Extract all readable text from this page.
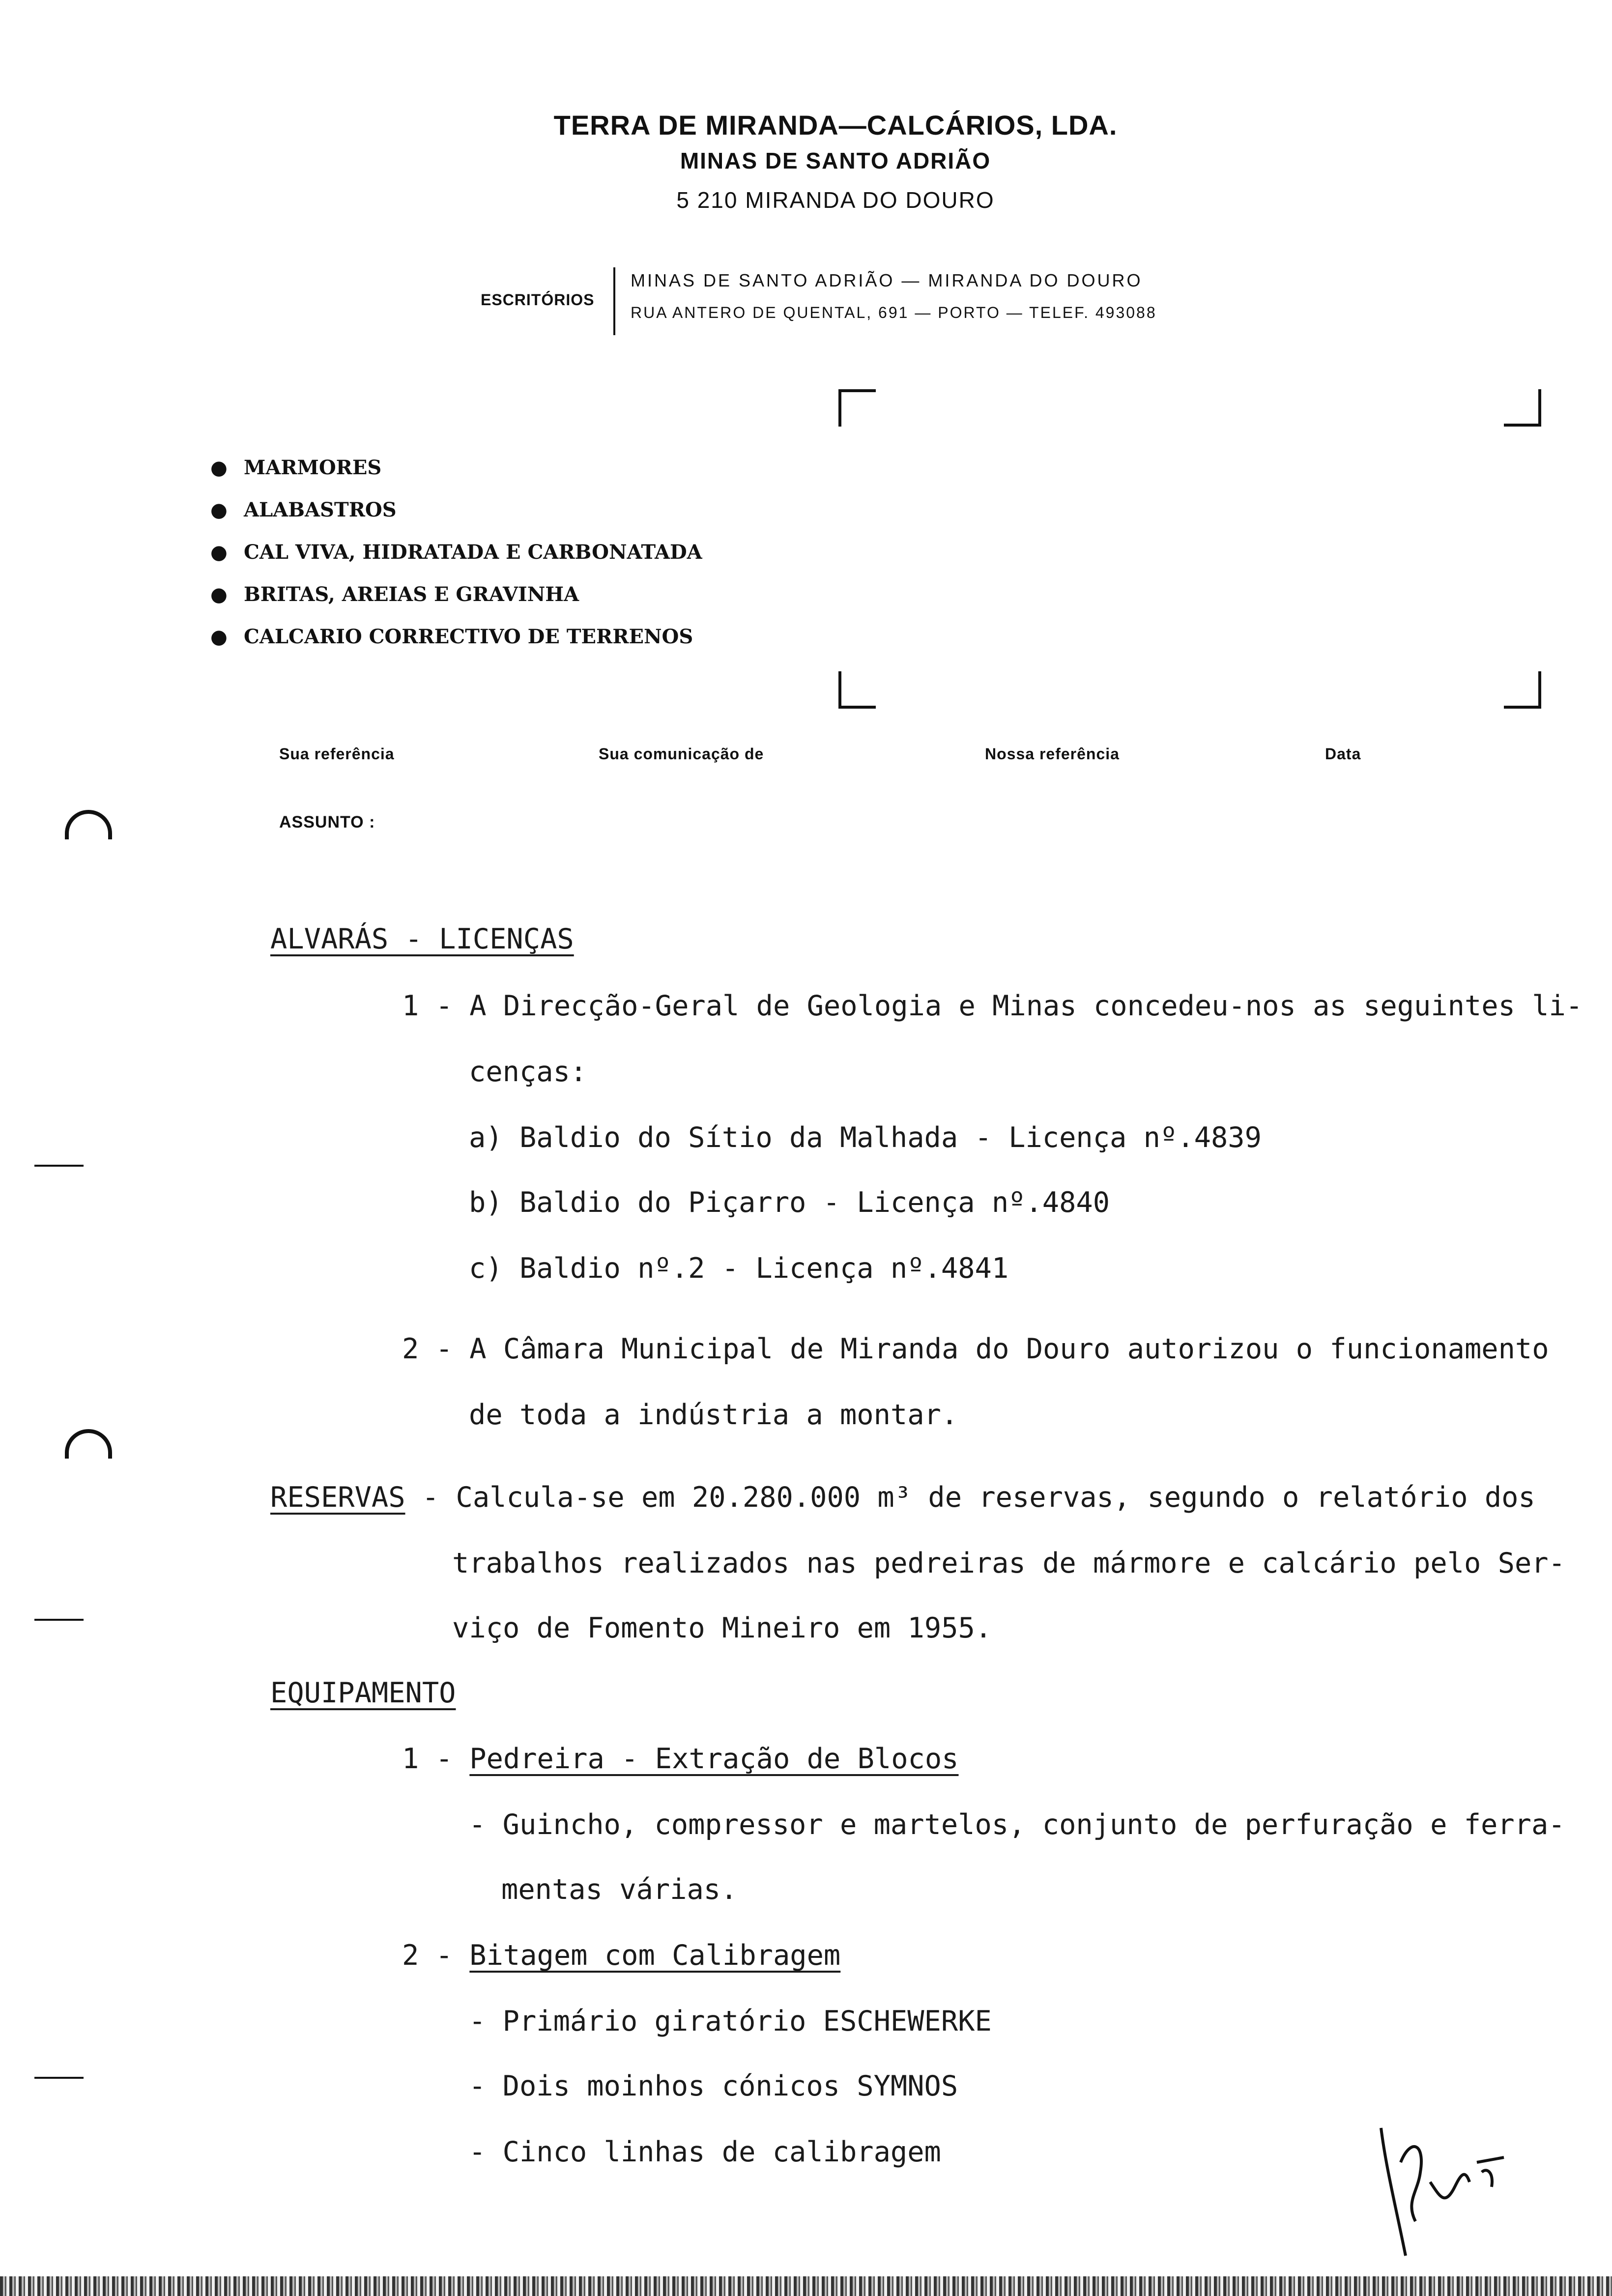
TERRA DE MIRANDA—CALCÁRIOS, LDA.
MINAS DE SANTO ADRIÃO
5 210 MIRANDA DO DOURO
ESCRITÓRIOS
MINAS DE SANTO ADRIÃO — MIRANDA DO DOURO
RUA ANTERO DE QUENTAL, 691 — PORTO — TELEF. 493088
● MARMORES
● ALABASTROS
● CAL VIVA, HIDRATADA E CARBONATADA
● BRITAS, AREIAS E GRAVINHA
● CALCARIO CORRECTIVO DE TERRENOS
Sua referência	Sua comunicação de	Nossa referência	Data
ASSUNTO :
ALVARÁS - LICENÇAS
1 - A Direcção-Geral de Geologia e Minas concedeu-nos as seguintes li-
cenças:
a) Baldio do Sítio da Malhada - Licença nº.4839
b) Baldio do Piçarro - Licença nº.4840
c) Baldio nº.2 - Licença nº.4841
2 - A Câmara Municipal de Miranda do Douro autorizou o funcionamento
de toda a indústria a montar.
RESERVAS - Calcula-se em 20.280.000 m³ de reservas, segundo o relatório dos
trabalhos realizados nas pedreiras de mármore e calcário pelo Ser-
viço de Fomento Mineiro em 1955.
EQUIPAMENTO
1 - Pedreira - Extração de Blocos
- Guincho, compressor e martelos, conjunto de perfuração e ferra-
mentas várias.
2 - Bitagem com Calibragem
- Primário giratório ESCHEWERKE
- Dois moinhos cónicos SYMNOS
- Cinco linhas de calibragem
